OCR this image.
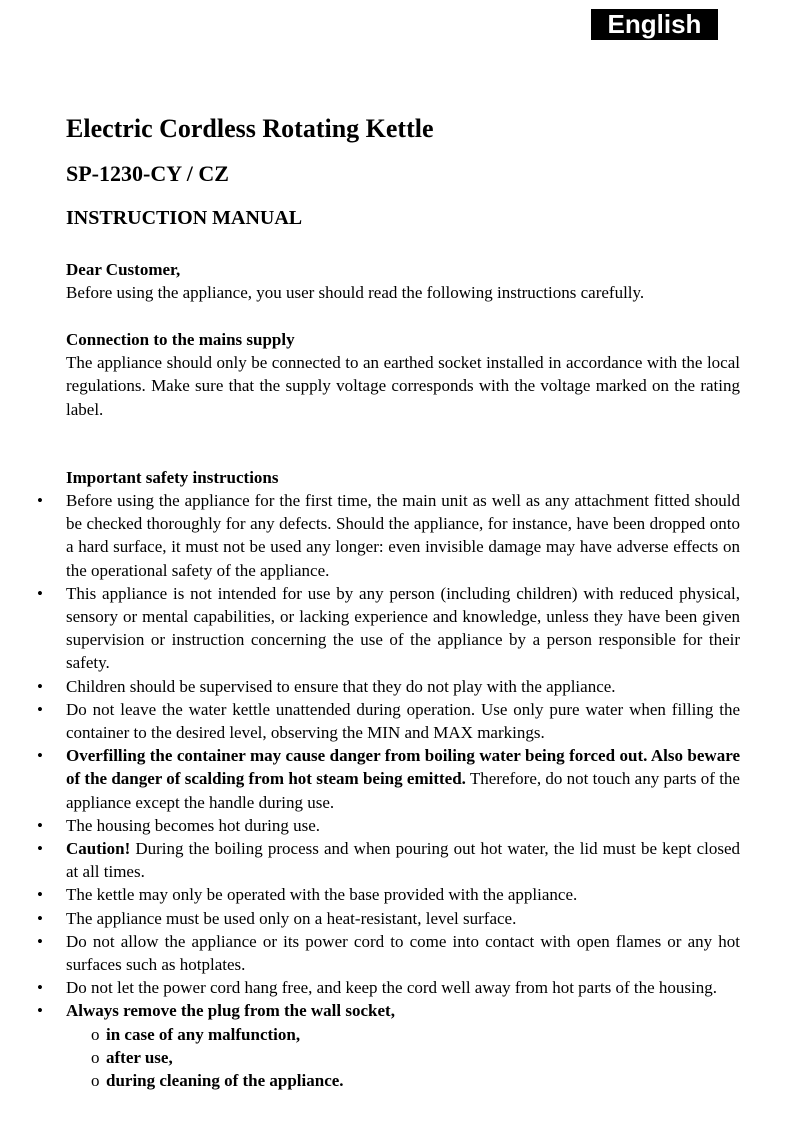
English
Electric Cordless Rotating Kettle
SP-1230-CY / CZ
INSTRUCTION MANUAL
Dear Customer,

Before using the appliance, you user should read the following instructions carefully.

Connection to the mains supply

The appliance should only be connected to an earthed socket installed in accordance with the local regulations. Make sure that the supply voltage corresponds with the voltage marked on the rating label.

Important safety instructions
• Before using the appliance for the first time, the main unit as well as any attachment fitted should be checked thoroughly for any defects. Should the appliance, for instance, have been dropped onto a hard surface, it must not be used any longer: even invisible damage may have adverse effects on the operational safety of the appliance.
• This appliance is not intended for use by any person (including children) with reduced physical, sensory or mental capabilities, or lacking experience and knowledge, unless they have been given supervision or instruction concerning the use of the appliance by a person responsible for their safety.
• Children should be supervised to ensure that they do not play with the appliance.
• Do not leave the water kettle unattended during operation. Use only pure water when filling the container to the desired level, observing the MIN and MAX markings.
• Overfilling the container may cause danger from boiling water being forced out. Also beware of the danger of scalding from hot steam being emitted. Therefore, do not touch any parts of the appliance except the handle during use.
• The housing becomes hot during use.
• Caution! During the boiling process and when pouring out hot water, the lid must be kept closed at all times.
• The kettle may only be operated with the base provided with the appliance.
• The appliance must be used only on a heat-resistant, level surface.
• Do not allow the appliance or its power cord to come into contact with open flames or any hot surfaces such as hotplates.
• Do not let the power cord hang free, and keep the cord well away from hot parts of the housing.
• Always remove the plug from the wall socket,
o in case of any malfunction,
o after use,
o during cleaning of the appliance.
